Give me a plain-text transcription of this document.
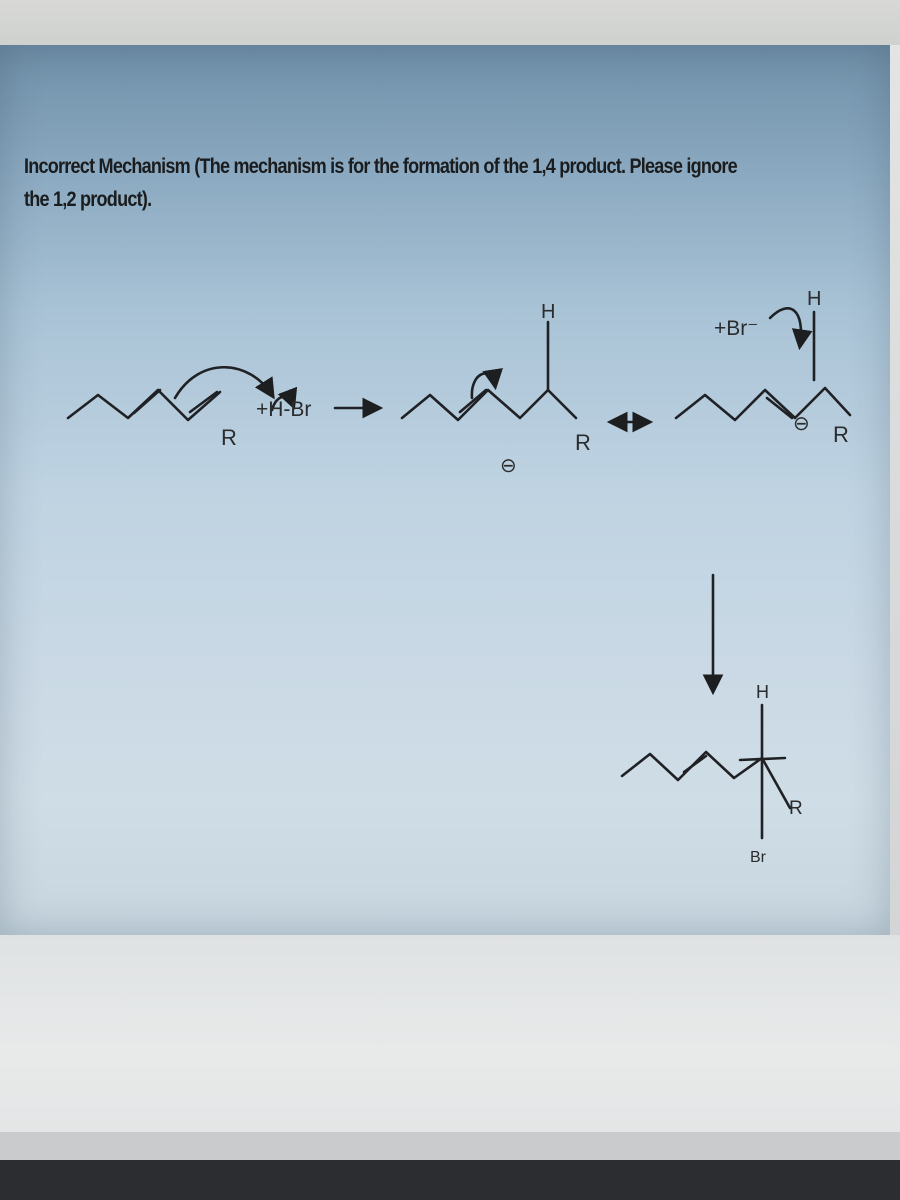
Incorrect Mechanism (The mechanism is for the formation of the 1,4 product. Please ignore the 1,2 product).
R
+H-Br
H
⊖
R
+Br⁻
H
⊖ R
H
R
Br
